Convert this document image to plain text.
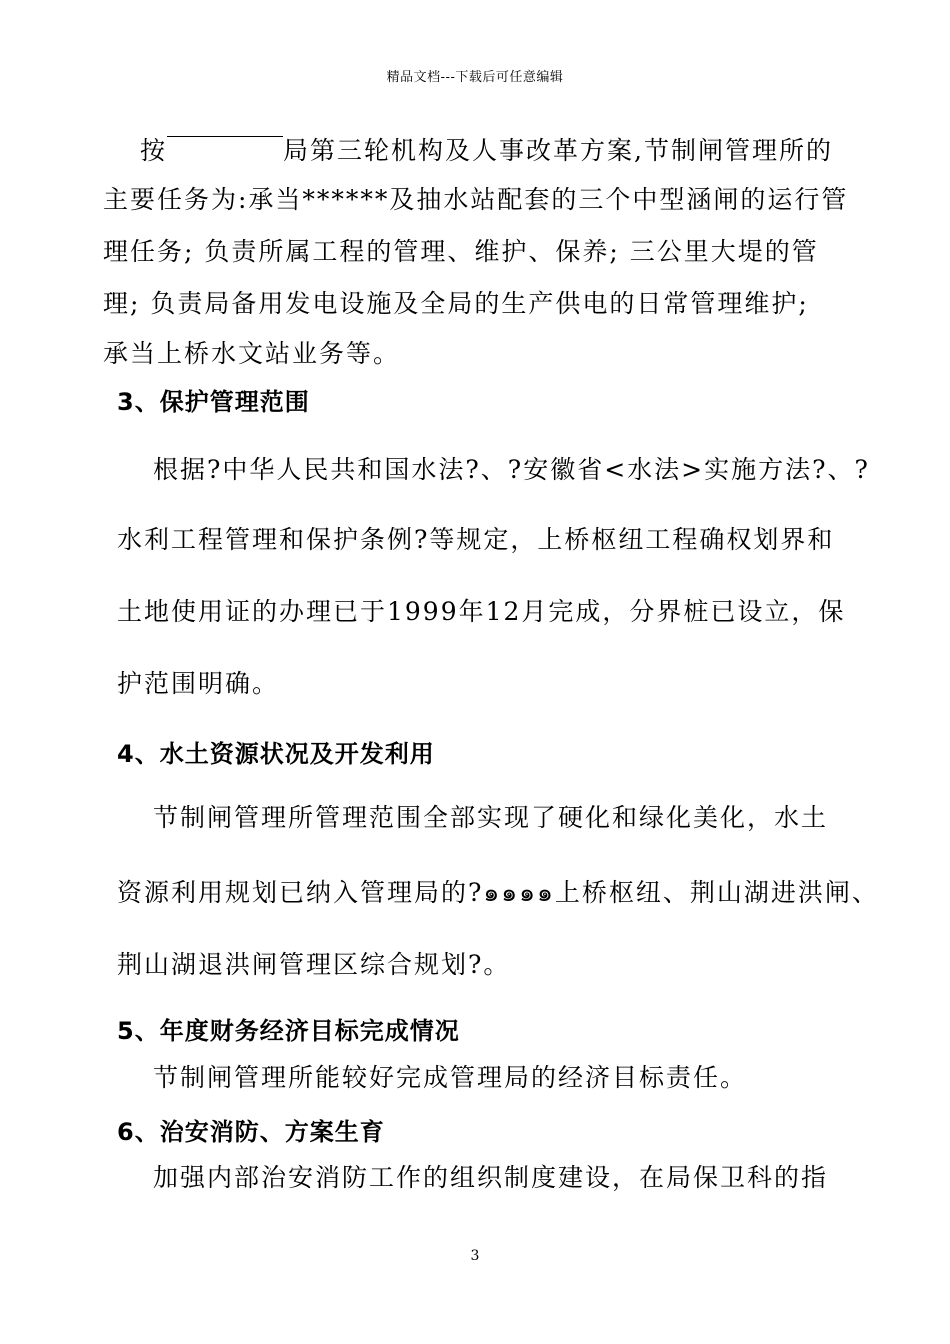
精品文档---下载后可任意编辑
按	局第三轮机构及人事改革方案,节制闸管理所的
主要任务为:承当******及抽水站配套的三个中型涵闸的运行管
理任务; 负责所属工程的管理、维护、保养; 三公里大堤的管
理; 负责局备用发电设施及全局的生产供电的日常管理维护;
承当上桥水文站业务等。
3、保护管理范围
根据?中华人民共和国水法?、?安徽省<水法>实施方法?、?
水利工程管理和保护条例?等规定，上桥枢纽工程确权划界和
土地使用证的办理已于1999年12月完成，分界桩已设立，保
护范围明确。
4、水土资源状况及开发利用
节制闸管理所管理范围全部实现了硬化和绿化美化，水土
资源利用规划已纳入管理局的?๑๑๑๑上桥枢纽、荆山湖进洪闸、
荆山湖退洪闸管理区综合规划?。
5、年度财务经济目标完成情况
节制闸管理所能较好完成管理局的经济目标责任。
6、治安消防、方案生育
加强内部治安消防工作的组织制度建设，在局保卫科的指
3
